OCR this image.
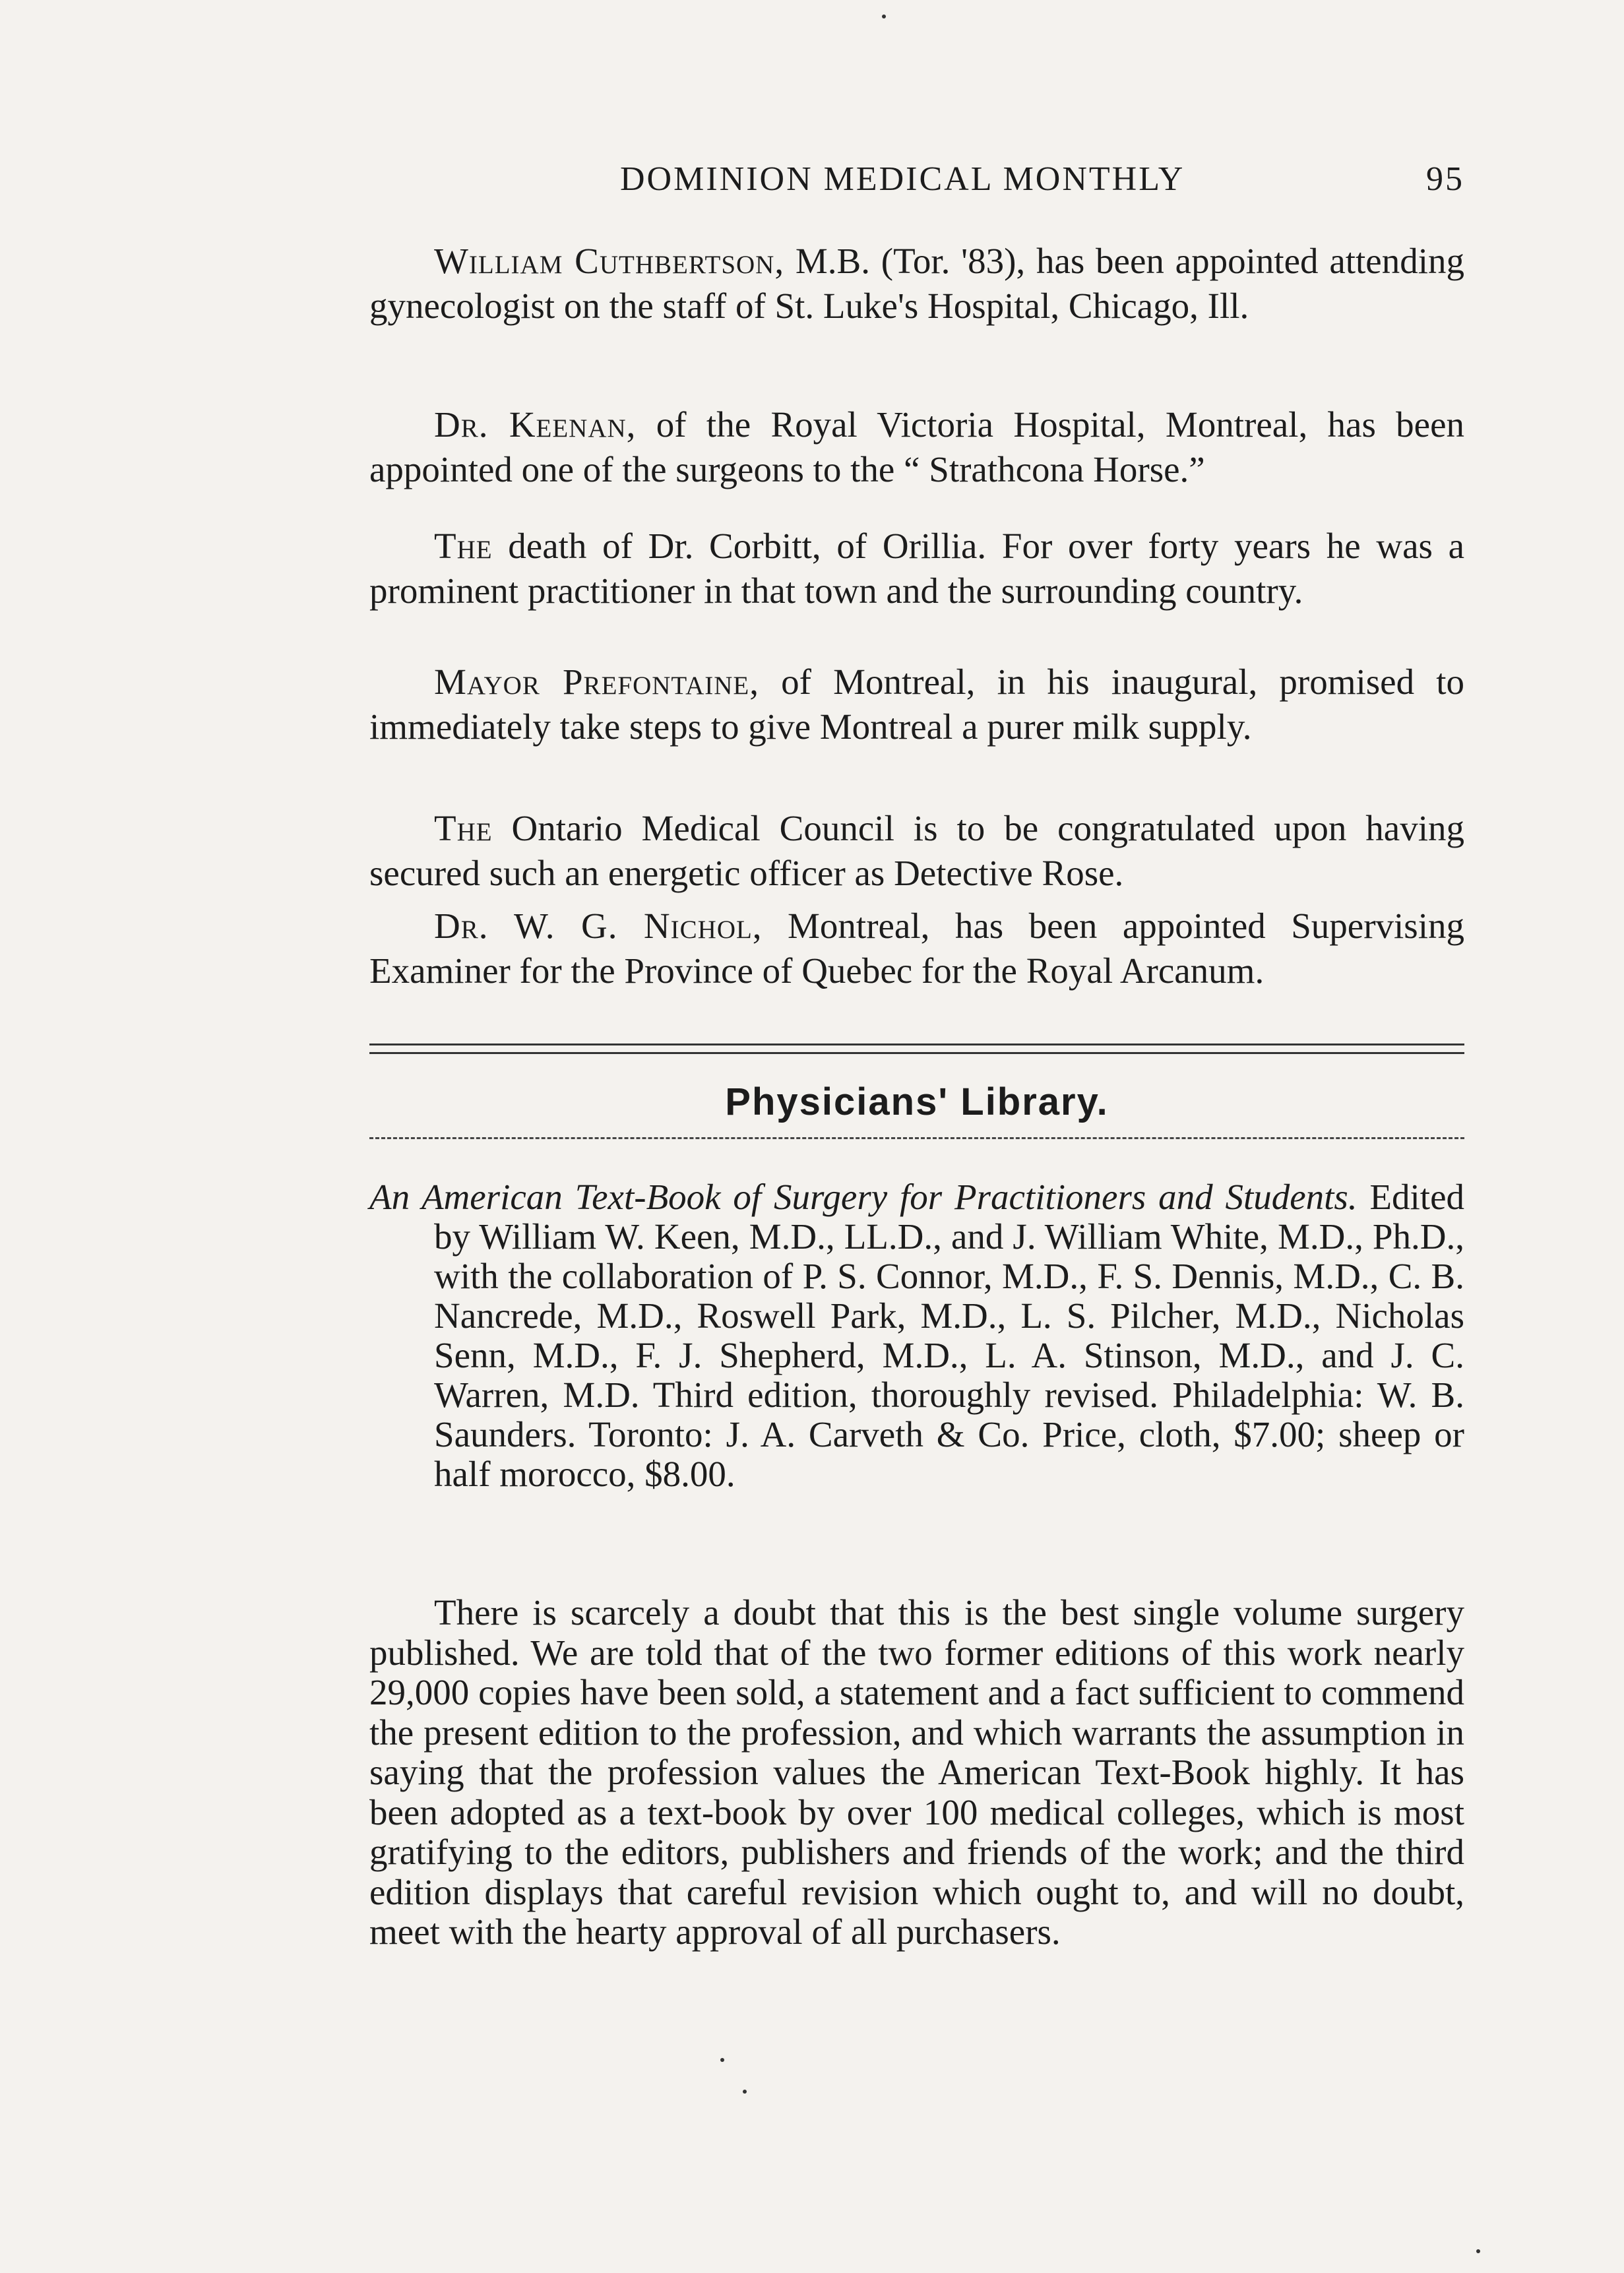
DOMINION MEDICAL MONTHLY	95

William Cuthbertson, M.B. (Tor. '83), has been appointed attending gynecologist on the staff of St. Luke's Hospital, Chicago, Ill.

Dr. Keenan, of the Royal Victoria Hospital, Montreal, has been appointed one of the surgeons to the “ Strathcona Horse.”

The death of Dr. Corbitt, of Orillia. For over forty years he was a prominent practitioner in that town and the surrounding country.

Mayor Prefontaine, of Montreal, in his inaugural, promised to immediately take steps to give Montreal a purer milk supply.

The Ontario Medical Council is to be congratulated upon having secured such an energetic officer as Detective Rose.

Dr. W. G. Nichol, Montreal, has been appointed Supervising Examiner for the Province of Quebec for the Royal Arcanum.

Physicians' Library.
An American Text-Book of Surgery for Practitioners and Students. Edited by William W. Keen, M.D., LL.D., and J. William White, M.D., Ph.D., with the collaboration of P. S. Connor, M.D., F. S. Dennis, M.D., C. B. Nancrede, M.D., Roswell Park, M.D., L. S. Pilcher, M.D., Nicholas Senn, M.D., F. J. Shepherd, M.D., L. A. Stinson, M.D., and J. C. Warren, M.D. Third edition, thoroughly revised. Philadelphia: W. B. Saunders. Toronto: J. A. Carveth & Co. Price, cloth, $7.00; sheep or half morocco, $8.00.

There is scarcely a doubt that this is the best single volume surgery published. We are told that of the two former editions of this work nearly 29,000 copies have been sold, a statement and a fact sufficient to commend the present edition to the profession, and which warrants the assumption in saying that the profession values the American Text-Book highly. It has been adopted as a text-book by over 100 medical colleges, which is most gratifying to the editors, publishers and friends of the work; and the third edition displays that careful revision which ought to, and will no doubt, meet with the hearty approval of all purchasers.
